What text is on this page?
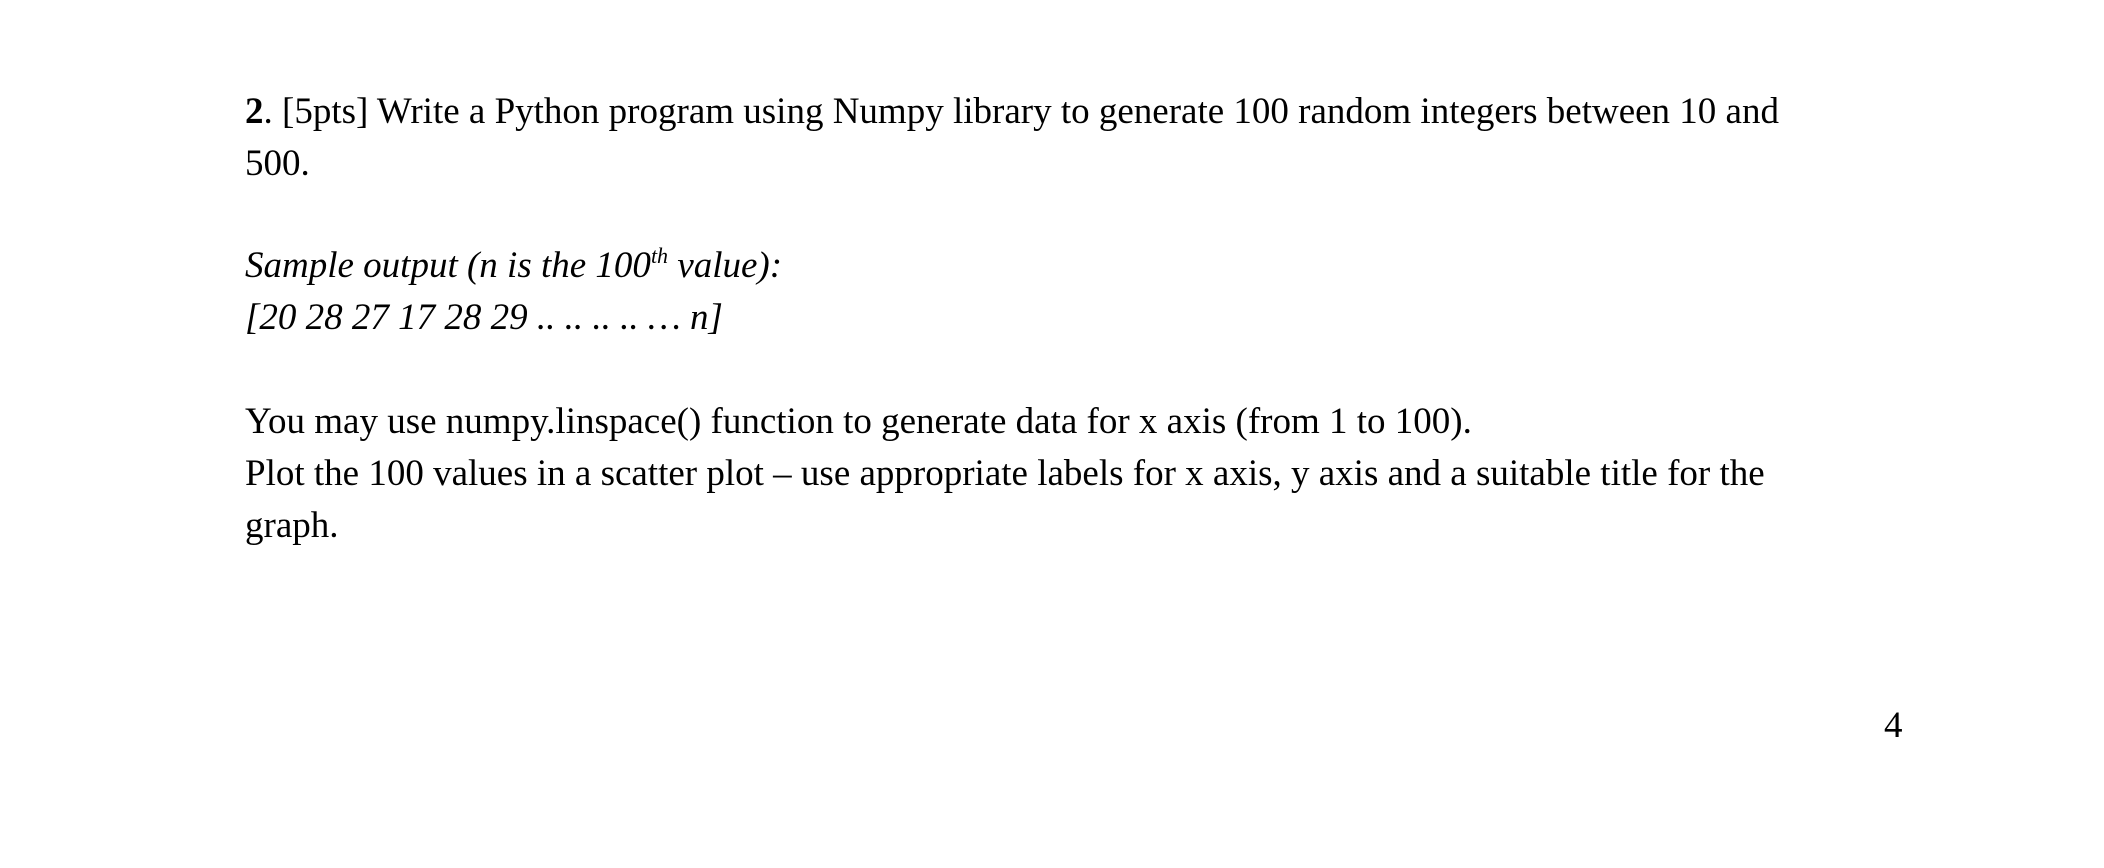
2. [5pts] Write a Python program using Numpy library to generate 100 random integers between 10 and
500.
Sample output (n is the 100th value):
[20 28 27 17 28 29 .. .. .. .. … n]
You may use numpy.linspace() function to generate data for x axis (from 1 to 100).
Plot the 100 values in a scatter plot – use appropriate labels for x axis, y axis and a suitable title for the
graph.
4
